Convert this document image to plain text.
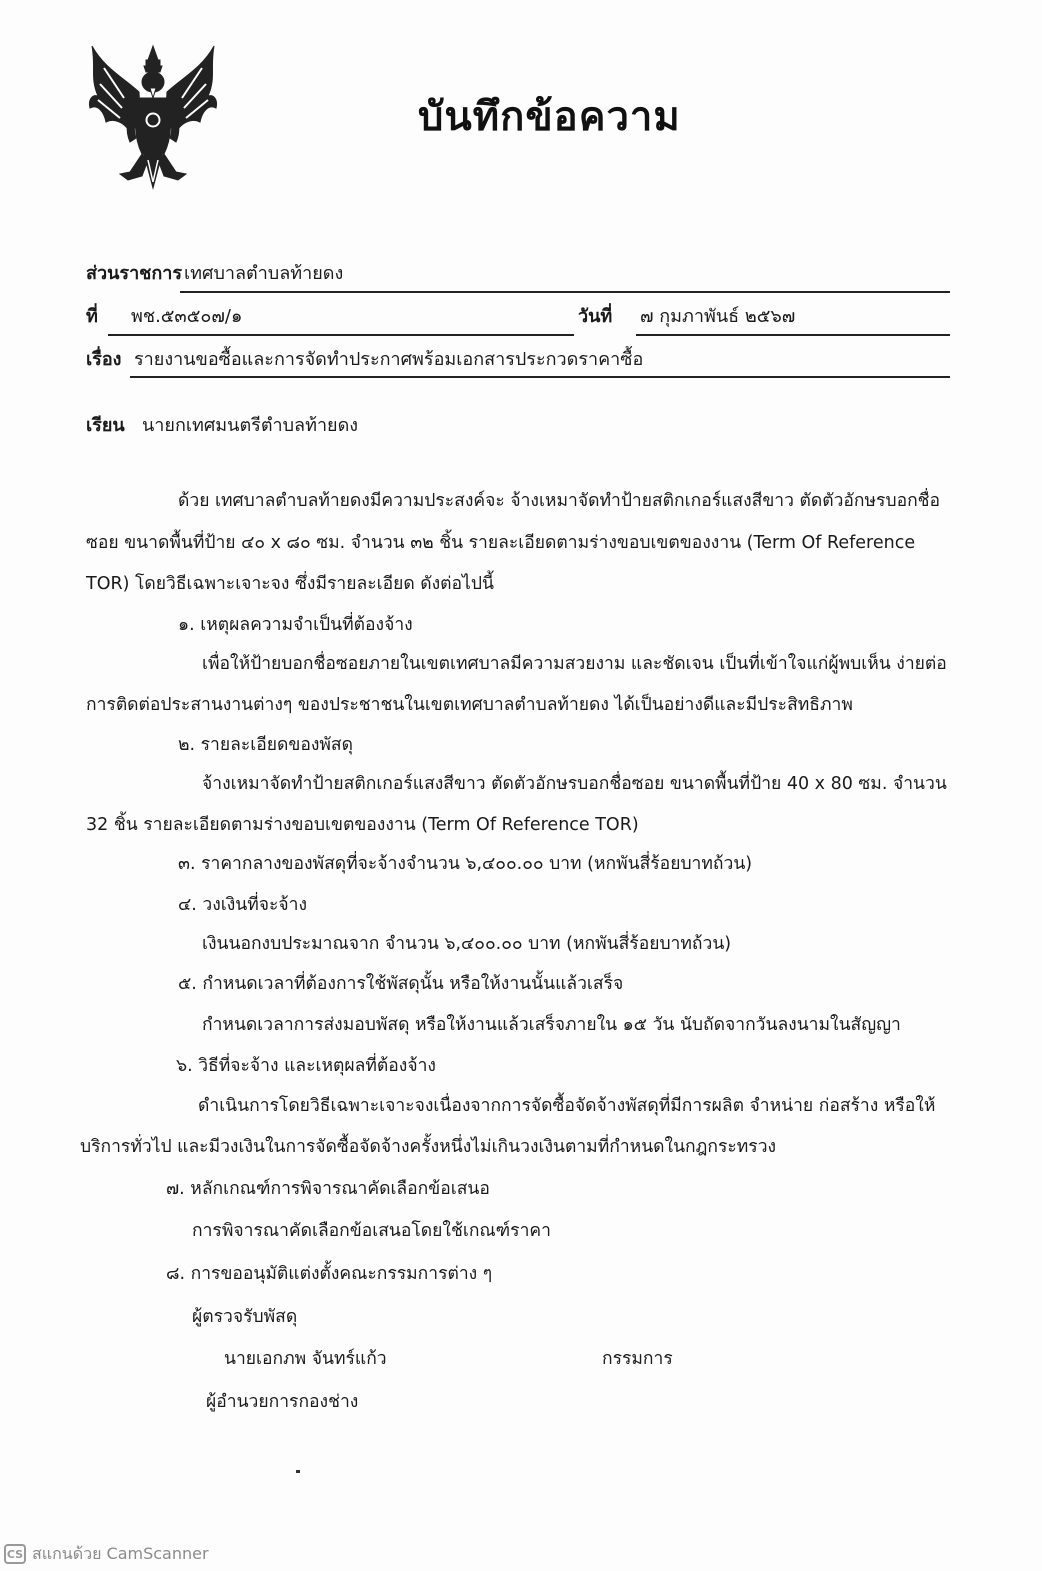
บันทึกข้อความ
ส่วนราชการ เทศบาลตำบลท้ายดง
ที่ พช.๕๓๕๐๗/๑	วันที่ ๗ กุมภาพันธ์ ๒๕๖๗
เรื่อง รายงานขอซื้อและการจัดทำประกาศพร้อมเอกสารประกวดราคาซื้อ
เรียน นายกเทศมนตรีตำบลท้ายดง
ด้วย เทศบาลตำบลท้ายดงมีความประสงค์จะ จ้างเหมาจัดทำป้ายสติกเกอร์แสงสีขาว ตัดตัวอักษรบอกชื่อ
ซอย ขนาดพื้นที่ป้าย ๔๐ x ๘๐ ซม. จำนวน ๓๒ ชิ้น รายละเอียดตามร่างขอบเขตของงาน (Term Of Reference
TOR) โดยวิธีเฉพาะเจาะจง ซึ่งมีรายละเอียด ดังต่อไปนี้
๑. เหตุผลความจำเป็นที่ต้องจ้าง
เพื่อให้ป้ายบอกชื่อซอยภายในเขตเทศบาลมีความสวยงาม และชัดเจน เป็นที่เข้าใจแก่ผู้พบเห็น ง่ายต่อ
การติดต่อประสานงานต่างๆ ของประชาชนในเขตเทศบาลตำบลท้ายดง ได้เป็นอย่างดีและมีประสิทธิภาพ
๒. รายละเอียดของพัสดุ
จ้างเหมาจัดทำป้ายสติกเกอร์แสงสีขาว ตัดตัวอักษรบอกชื่อซอย ขนาดพื้นที่ป้าย 40 x 80 ซม. จำนวน
32 ชิ้น รายละเอียดตามร่างขอบเขตของงาน (Term Of Reference TOR)
๓. ราคากลางของพัสดุที่จะจ้างจำนวน ๖,๔๐๐.๐๐ บาท (หกพันสี่ร้อยบาทถ้วน)
๔. วงเงินที่จะจ้าง
เงินนอกงบประมาณจาก จำนวน ๖,๔๐๐.๐๐ บาท (หกพันสี่ร้อยบาทถ้วน)
๕. กำหนดเวลาที่ต้องการใช้พัสดุนั้น หรือให้งานนั้นแล้วเสร็จ
กำหนดเวลาการส่งมอบพัสดุ หรือให้งานแล้วเสร็จภายใน ๑๕ วัน นับถัดจากวันลงนามในสัญญา
๖. วิธีที่จะจ้าง และเหตุผลที่ต้องจ้าง
ดำเนินการโดยวิธีเฉพาะเจาะจงเนื่องจากการจัดซื้อจัดจ้างพัสดุที่มีการผลิต จำหน่าย ก่อสร้าง หรือให้
บริการทั่วไป และมีวงเงินในการจัดซื้อจัดจ้างครั้งหนึ่งไม่เกินวงเงินตามที่กำหนดในกฎกระทรวง
๗. หลักเกณฑ์การพิจารณาคัดเลือกข้อเสนอ
การพิจารณาคัดเลือกข้อเสนอโดยใช้เกณฑ์ราคา
๘. การขออนุมัติแต่งตั้งคณะกรรมการต่าง ๆ
ผู้ตรวจรับพัสดุ
นายเอกภพ จันทร์แก้ว	กรรมการ
ผู้อำนวยการกองช่าง
CS สแกนด้วย CamScanner
